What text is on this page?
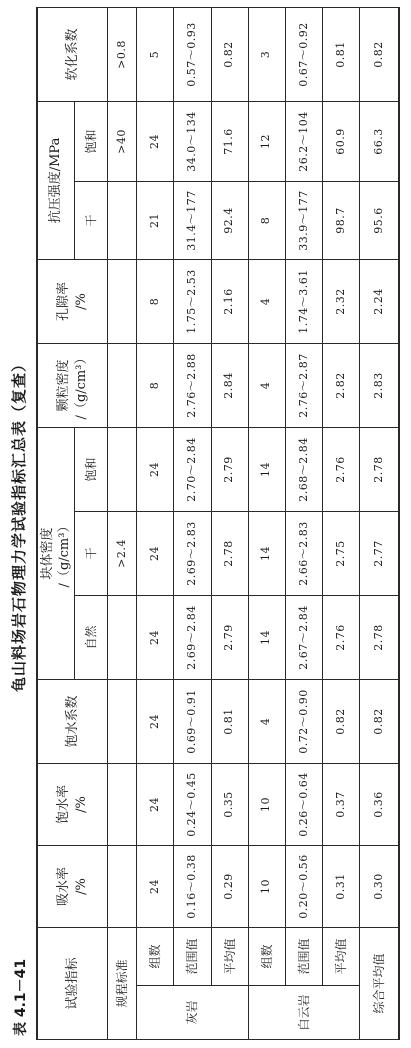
表 4.1－41
龟山料场岩石物理力学试验指标汇总表（复查）
试验指标		吸水率 /%	饱水率 /%	饱水系数	块体密度 /（g/cm³）			颗粒密度 /（g/cm³）	孔隙率 /%	抗压强度/MPa		软化系数
					自然	干	饱和			干	饱和	

规程标准						>2.4					>40	>0.8
灰岩	组数	24	24	24	24	24	24	8	8	21	24	5
	范围值	0.16～0.38	0.24～0.45	0.69～0.91	2.69～2.84	2.69～2.83	2.70～2.84	2.76～2.88	1.75～2.53	31.4～177	34.0～134	0.57～0.93
	平均值	0.29	0.35	0.81	2.79	2.78	2.79	2.84	2.16	92.4	71.6	0.82
白云岩	组数	10	10	4	14	14	14	4	4	8	12	3
	范围值	0.20～0.56	0.26～0.64	0.72～0.90	2.67～2.84	2.66～2.83	2.68～2.84	2.76～2.87	1.74～3.61	33.9～177	26.2～104	0.67～0.92
	平均值	0.31	0.37	0.82	2.76	2.75	2.76	2.82	2.32	98.7	60.9	0.81
综合平均值		0.30	0.36	0.82	2.78	2.77	2.78	2.83	2.24	95.6	66.3	0.82
